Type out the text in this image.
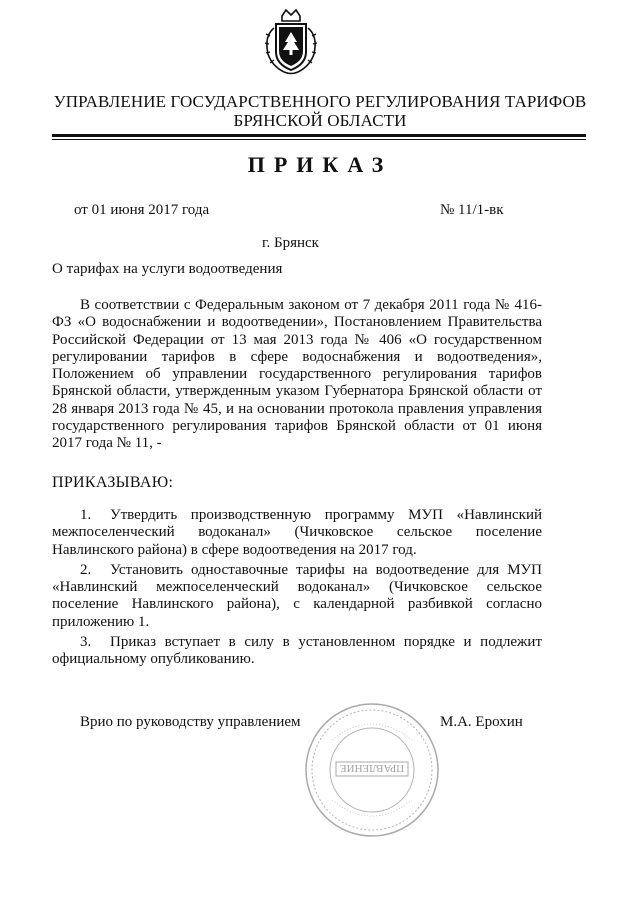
УПРАВЛЕНИЕ ГОСУДАРСТВЕННОГО РЕГУЛИРОВАНИЯ ТАРИФОВ
БРЯНСКОЙ ОБЛАСТИ
ПРИКАЗ
от 01 июня 2017 года	№ 11/1-вк
г. Брянск
О тарифах на услуги водоотведения

В соответствии с Федеральным законом от 7 декабря 2011 года № 416-ФЗ «О водоснабжении и водоотведении», Постановлением Правительства Российской Федерации от 13 мая 2013 года № 406 «О государственном регулировании тарифов в сфере водоснабжения и водоотведения», Положением об управлении государственного регулирования тарифов Брянской области, утвержденным указом Губернатора Брянской области от 28 января 2013 года № 45, и на основании протокола правления управления государственного регулирования тарифов Брянской области от 01 июня 2017 года № 11, -

ПРИКАЗЫВАЮ:
1. Утвердить производственную программу МУП «Навлинский межпоселенческий водоканал» (Чичковское сельское поселение Навлинского района) в сфере водоотведения на 2017 год.
2. Установить одноставочные тарифы на водоотведение для МУП «Навлинский межпоселенческий водоканал» (Чичковское сельское поселение Навлинского района), с календарной разбивкой согласно приложению 1.
3. Приказ вступает в силу в установленном порядке и подлежит официальному опубликованию.
Врио по руководству управлением	М.А. Ерохин
ПРАВЛЕНИЕ
